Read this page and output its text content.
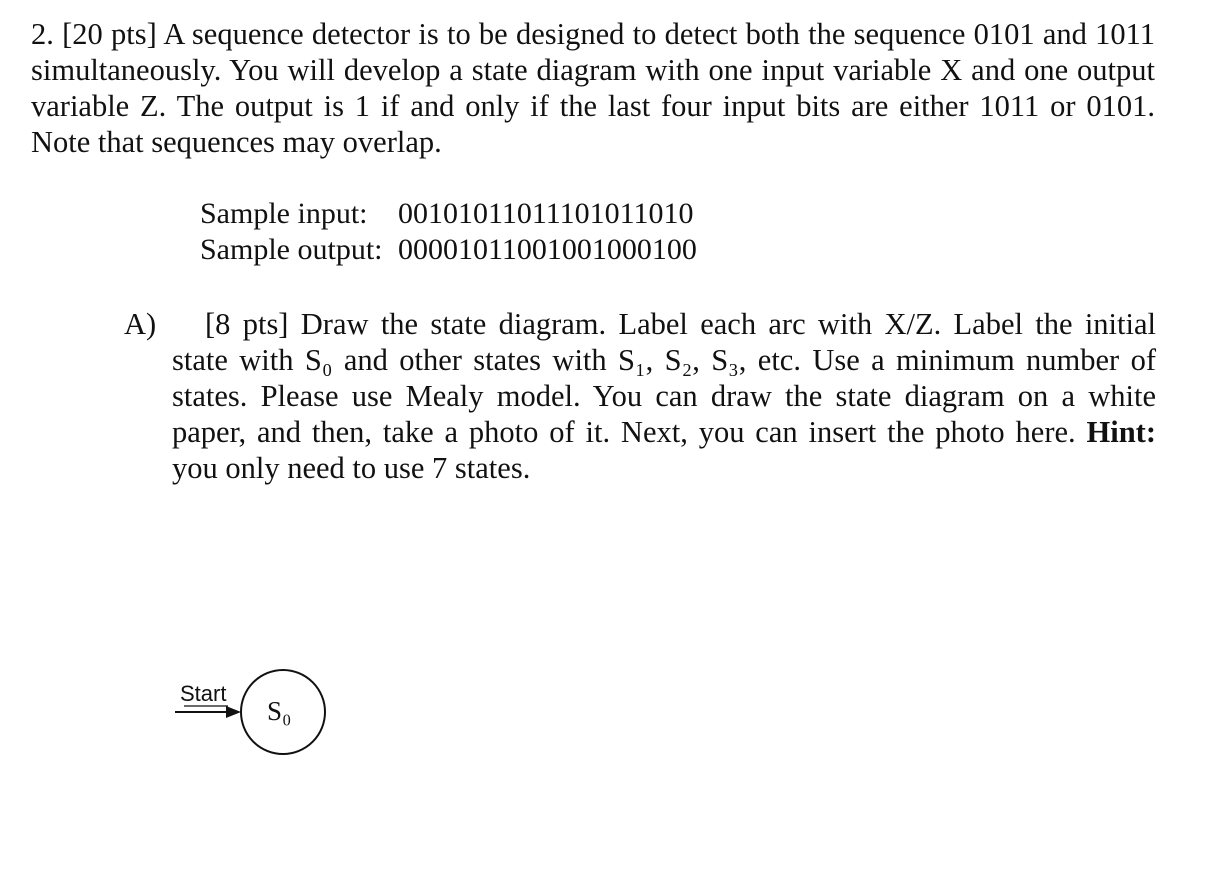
2. [20 pts] A sequence detector is to be designed to detect both the sequence 0101 and 1011 simultaneously. You will develop a state diagram with one input variable X and one output variable Z. The output is 1 if and only if the last four input bits are either 1011 or 0101. Note that sequences may overlap.
Sample input: 00101011011101011010
Sample output: 00001011001001000100
A)	[8 pts] Draw the state diagram. Label each arc with X/Z. Label the initial state with S₀ and other states with S₁, S₂, S₃, etc. Use a minimum number of states. Please use Mealy model. You can draw the state diagram on a white paper, and then, take a photo of it. Next, you can insert the photo here. Hint: you only need to use 7 states.
Start
S₀
